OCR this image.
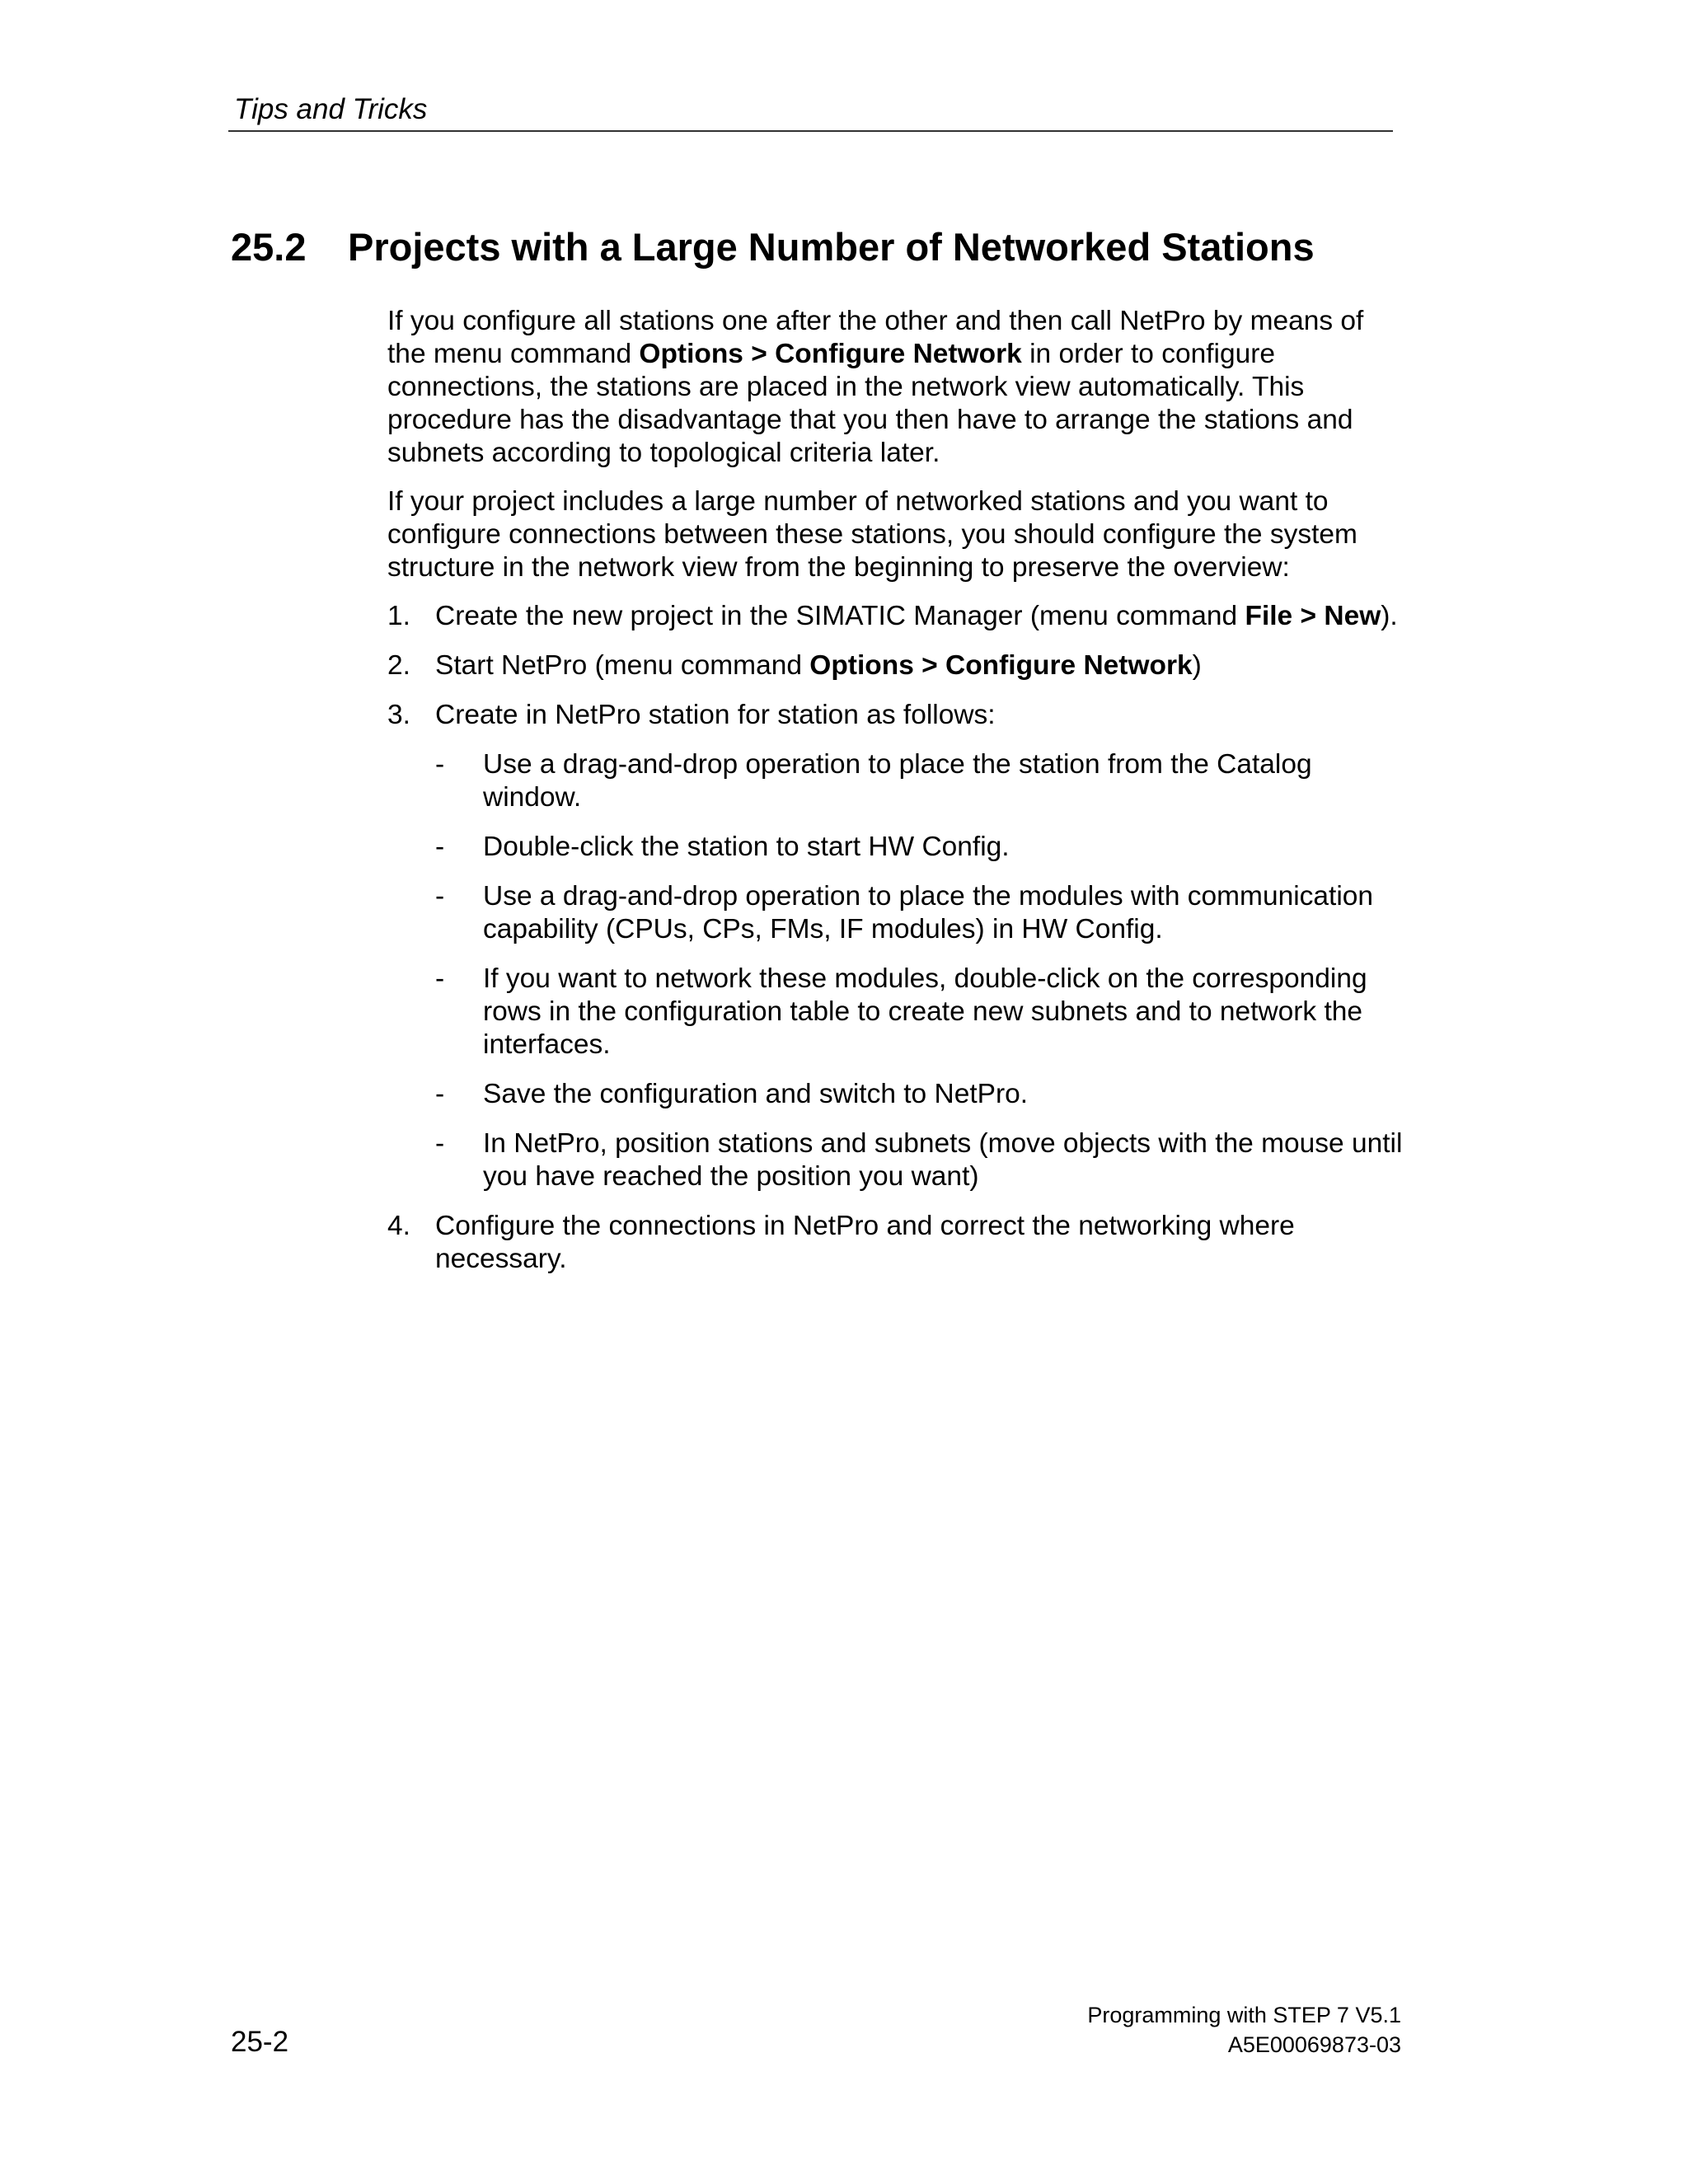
Tips and Tricks
25.2 Projects with a Large Number of Networked Stations

If you configure all stations one after the other and then call NetPro by means of the menu command Options > Configure Network in order to configure connections, the stations are placed in the network view automatically. This procedure has the disadvantage that you then have to arrange the stations and subnets according to topological criteria later.

If your project includes a large number of networked stations and you want to configure connections between these stations, you should configure the system structure in the network view from the beginning to preserve the overview:

1. Create the new project in the SIMATIC Manager (menu command File > New).
2. Start NetPro (menu command Options > Configure Network)
3. Create in NetPro station for station as follows:
- Use a drag-and-drop operation to place the station from the Catalog window.
- Double-click the station to start HW Config.
- Use a drag-and-drop operation to place the modules with communication capability (CPUs, CPs, FMs, IF modules) in HW Config.
- If you want to network these modules, double-click on the corresponding rows in the configuration table to create new subnets and to network the interfaces.
- Save the configuration and switch to NetPro.
- In NetPro, position stations and subnets (move objects with the mouse until you have reached the position you want)
4. Configure the connections in NetPro and correct the networking where necessary.
Programming with STEP 7 V5.1
A5E00069873-03
25-2
